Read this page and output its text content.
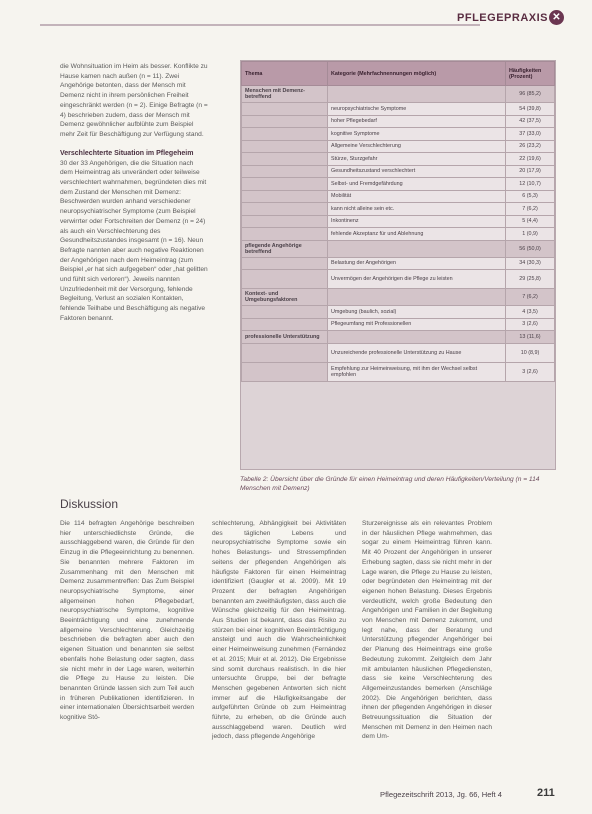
PFLEGEPRAXIS ✕

die Wohnsituation im Heim als besser. Konflikte zu Hause kamen nach außen (n = 11). Zwei Angehörige betonten, dass der Mensch mit Demenz nicht in ihrem persönlichen Freiheit eingeschränkt werden (n = 2). Einige Befragte (n = 4) beschrieben zudem, dass der Mensch mit Demenz gewöhnlicher aufblühte zum Beispiel mehr Zeit für Beschäftigung zur Verfügung stand.

Verschlechterte Situation im Pflegeheim

30 der 33 Angehörigen, die die Situation nach dem Heimeintrag als unverändert oder teilweise verschlechtert wahrnahmen, begründeten dies mit dem Zustand der Menschen mit Demenz: Beschwerden wurden anhand verschiedener neuropsychiatrischer Symptome (zum Beispiel verwirrter oder Fortschreiten der Demenz (n = 24) als auch ein Verschlechterung des Gesundheitszustandes insgesamt (n = 16). Neun Befragte nannten aber auch negative Reaktionen der Angehörigen nach dem Heimeintrag (zum Beispiel „er hat sich aufgegeben“ oder „hat gelitten und fühlt sich verloren“). Jeweils nannten Unzufriedenheit mit der Versorgung, fehlende Begleitung, Verlust an sozialen Kontakten, fehlende Teilhabe und Beschäftigung als negative Faktoren benannt.

Thema	Kategorie (Mehrfachnennungen möglich)	Häufigkeiten (Prozent)
Menschen mit Demenz-betreffend		96 (85,2)
	neuropsychiatrische Symptome	54 (39,8)
	hoher Pflegebedarf	42 (37,5)
	kognitive Symptome	37 (33,0)
	Allgemeine Verschlechterung	26 (23,2)
	Stürze, Sturzgefahr	22 (19,6)
	Gesundheitszustand verschlechtert	20 (17,9)
	Selbst- und Fremdgefährdung	12 (10,7)
	Mobilität	6 (5,3)
	kann nicht alleine sein etc.	7 (6,2)
	Inkontinenz	5 (4,4)
	fehlende Akzeptanz für und Ablehnung	1 (0,9)
pflegende Angehörige betreffend		56 (50,0)
	Belastung der Angehörigen	34 (30,3)
	Unvermögen der Angehörigen die Pflege zu leisten	29 (25,8)
Kontext- und Umgebungsfaktoren		7 (6,2)
	Umgebung (baulich, sozial)	4 (3,5)
	Pflegeumfang mit Professionellen	3 (2,6)
professionelle Unterstützung		13 (11,6)
	Unzureichende professionelle Unterstützung zu Hause	10 (8,9)
	Empfehlung zur Heimeinweisung, mit ihm der Wechsel selbst empfohlen	3 (2,6)
Tabelle 2: Übersicht über die Gründe für einen Heimeintrag und deren Häufigkeiten/Verteilung (n = 114 Menschen mit Demenz)
Diskussion
Die 114 befragten Angehörige beschreiben hier unterschiedlichste Gründe, die ausschlaggebend waren, die Gründe für den Einzug in die Pflegeeinrichtung zu benennen. Sie benannten mehrere Faktoren im Zusammenhang mit den Menschen mit Demenz zusammentreffen: Das Zum Beispiel neuropsychiatrische Symptome, einer allgemeinen hohen Pflegebedarf, neuropsychiatrische Symptome, kognitive Beeinträchtigung und eine zunehmende allgemeine Verschlechterung. Gleichzeitig beschrieben die befragten aber auch den eigenen Situation und benannten sie selbst ebenfalls hohe Belastung oder sagten, dass sie nicht mehr in der Lage waren, weiterhin die Pflege zu Hause zu leisten. Die benannten Gründe lassen sich zum Teil auch in früheren Publikationen identifizieren. In einer internationalen Übersichtsarbeit werden kognitive Stö-
schlechterung, Abhängigkeit bei Aktivitäten des täglichen Lebens und neuropsychiatrische Symptome sowie ein hohes Belastungs- und Stressempfinden seitens der pflegenden Angehörigen als häufigste Faktoren für einen Heimeintrag identifiziert (Gaugler et al. 2009). Mit 19 Prozent der befragten Angehörigen benannten am zweithäufigsten, dass auch die Wünsche gleichzeitig für den Heimeintrag. Aus Studien ist bekannt, dass das Risiko zu stürzen bei einer kognitiven Beeinträchtigung ansteigt und auch die Wahrscheinlichkeit einer Heimeinweisung zunehmen (Fernández et al. 2015; Muir et al. 2012). Die Ergebnisse sind somit durchaus realistisch. In die hier untersuchte Gruppe, bei der befragte Menschen gegebenen Antworten sich nicht immer auf die Häufigkeitsangabe der aufgeführten Gründe ob zum Heimeintrag führte, zu erheben, ob die Gründe auch ausschlaggebend waren. Deutlich wird jedoch, dass pflegende Angehörige
Sturzereignisse als ein relevantes Problem in der häuslichen Pflege wahrnehmen, das sogar zu einem Heimeintrag führen kann. Mit 40 Prozent der Angehörigen in unserer Erhebung sagten, dass sie nicht mehr in der Lage waren, die Pflege zu Hause zu leisten, oder begründeten den Heimeintrag mit der eigenen hohen Belastung. Dieses Ergebnis verdeutlicht, welch große Bedeutung den Angehörigen und Familien in der Begleitung von Menschen mit Demenz zukommt, und legt nahe, dass der Beratung und Unterstützung pflegender Angehöriger bei der Planung des Heimeintrags eine große Bedeutung zukommt. Zeitgleich dem Jahr mit ambulanten häuslichen Pflegediensten, dass sie keine Verschlechterung des Allgemeinzustandes bemerken (Anschläge 2002). Die Angehörigen berichten, dass ihnen der pflegenden Angehörigen in dieser Betreuungssituation die Situation der Menschen mit Demenz in den Heimen nach dem Um-
Pflegezeitschrift 2013, Jg. 66, Heft 4	211
